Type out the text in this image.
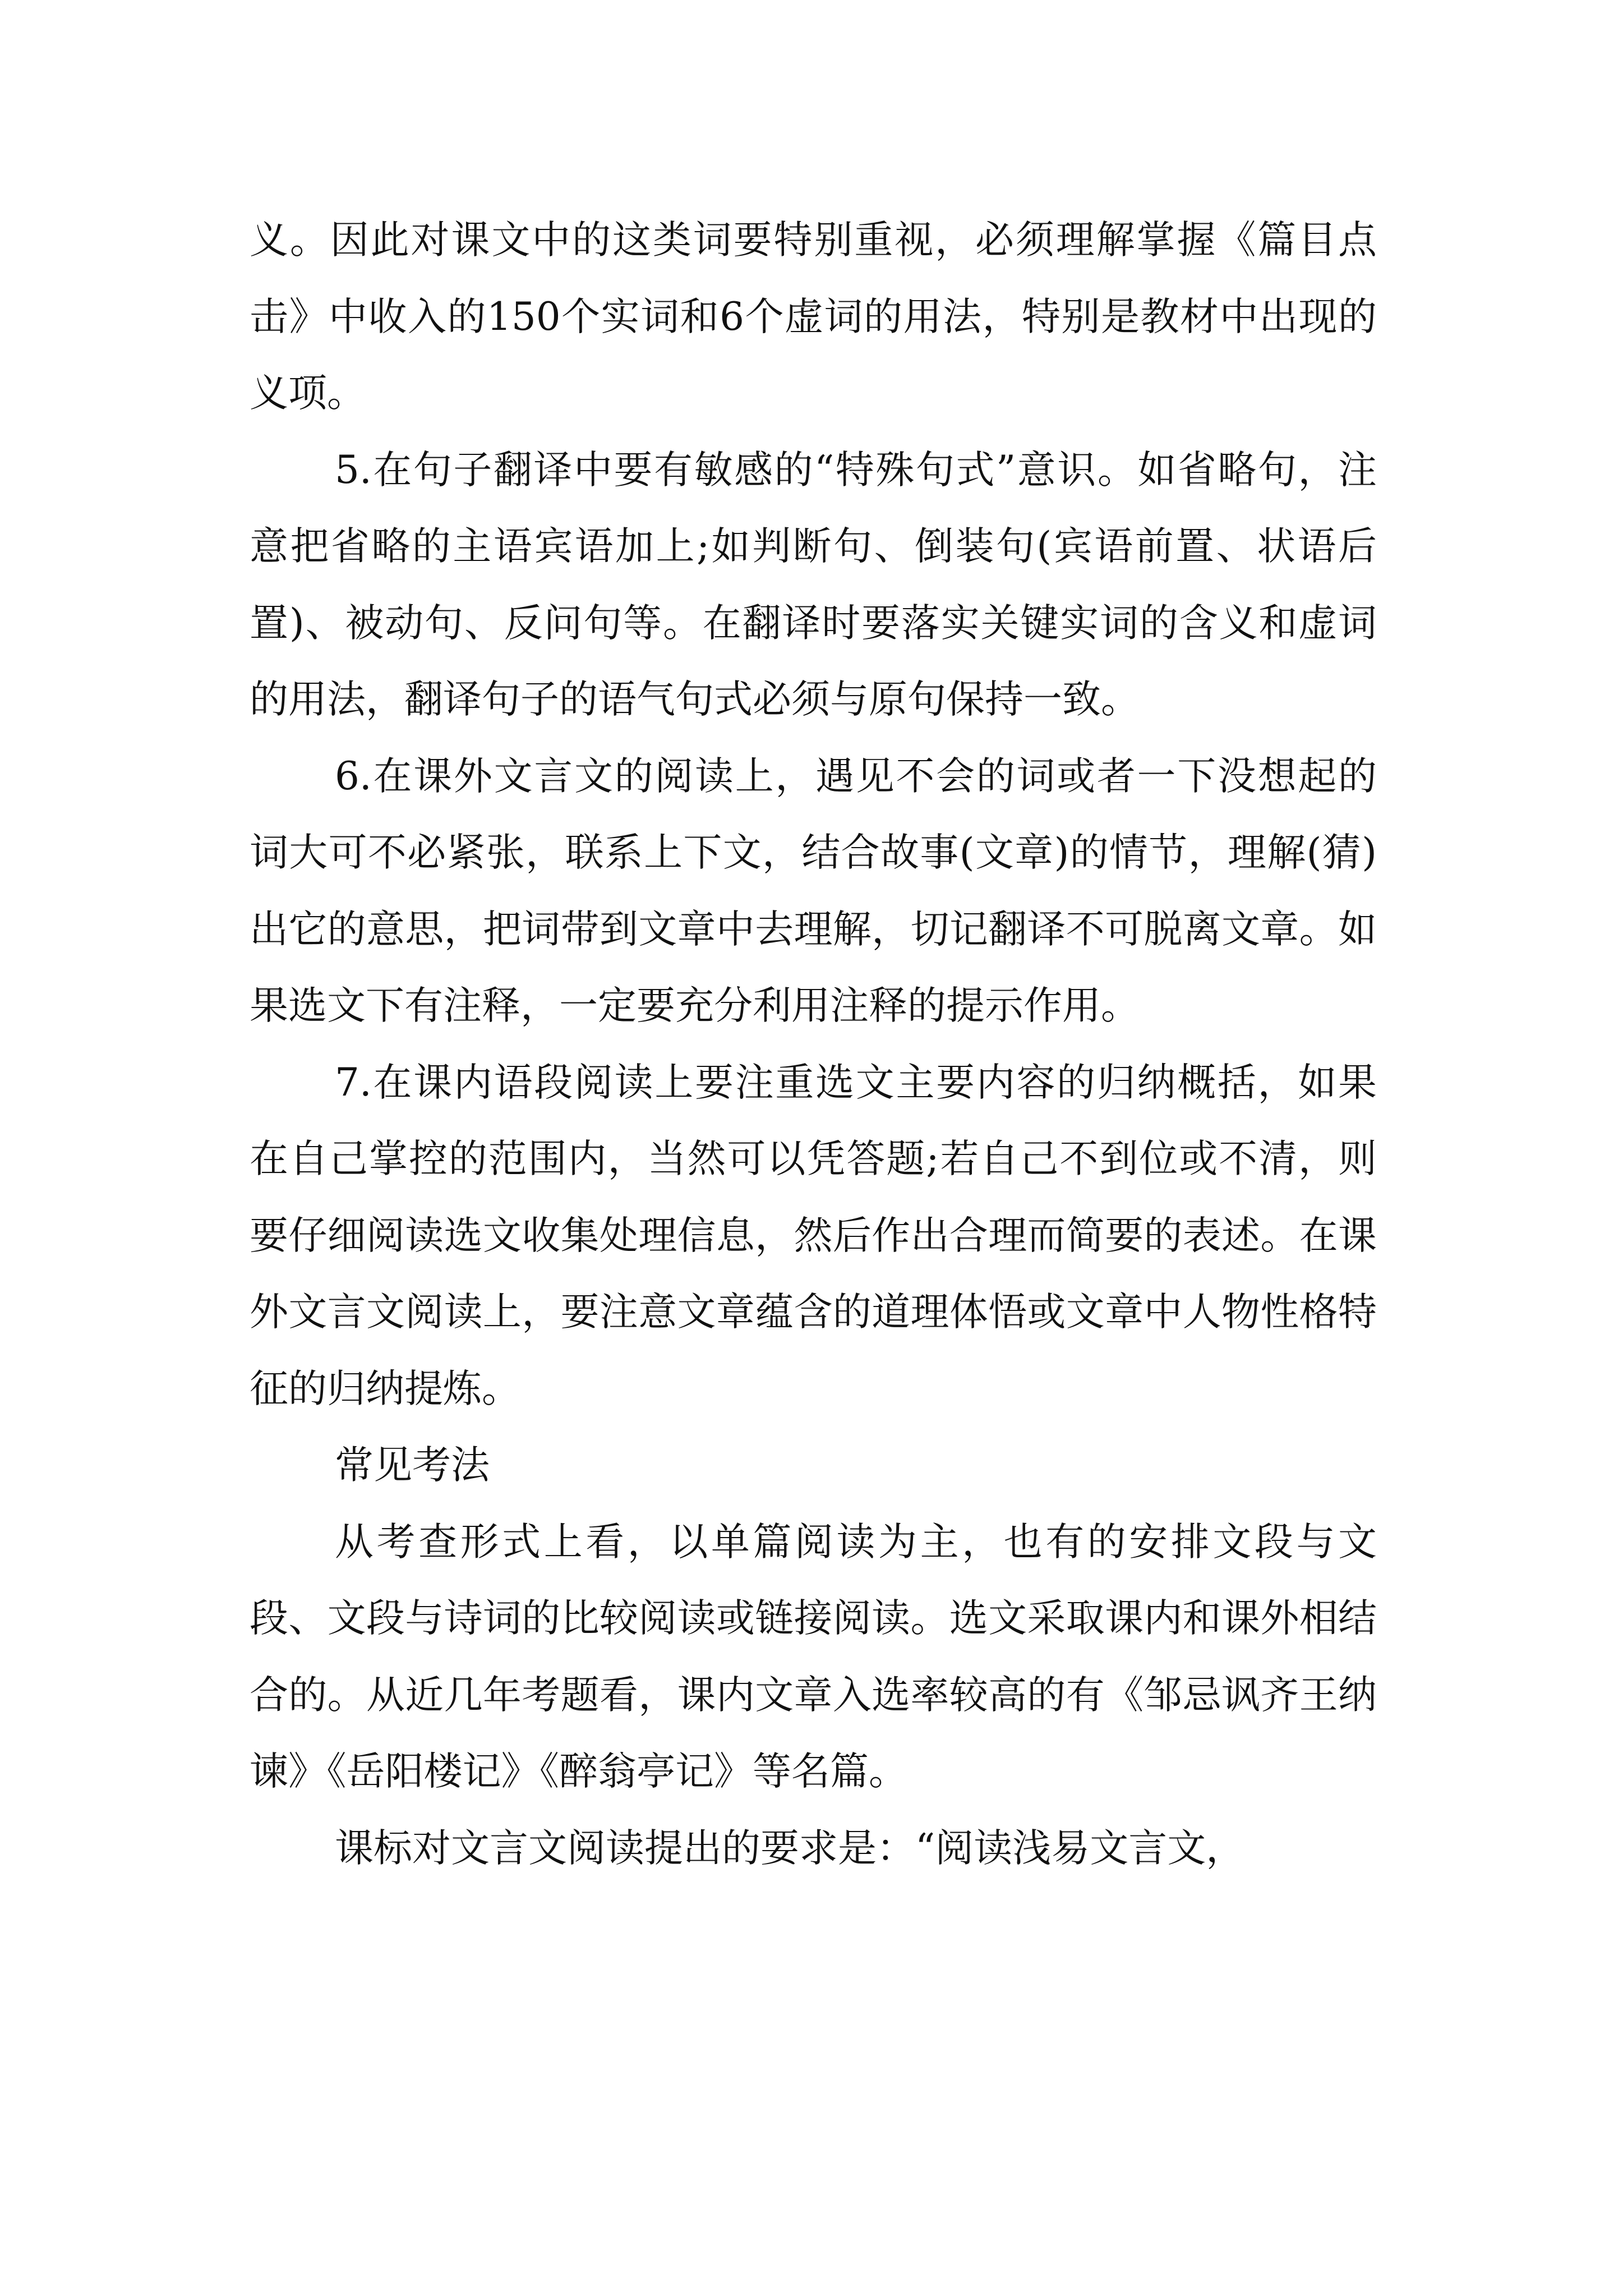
义。因此对课文中的这类词要特别重视，必须理解掌握《篇目点击》中收入的150个实词和6个虚词的用法，特别是教材中出现的义项。

5.在句子翻译中要有敏感的“特殊句式”意识。如省略句，注意把省略的主语宾语加上;如判断句、倒装句(宾语前置、状语后置)、被动句、反问句等。在翻译时要落实关键实词的含义和虚词的用法，翻译句子的语气句式必须与原句保持一致。

6.在课外文言文的阅读上，遇见不会的词或者一下没想起的词大可不必紧张，联系上下文，结合故事(文章)的情节，理解(猜)出它的意思，把词带到文章中去理解，切记翻译不可脱离文章。如果选文下有注释，一定要充分利用注释的提示作用。

7.在课内语段阅读上要注重选文主要内容的归纳概括，如果在自己掌控的范围内，当然可以凭答题;若自己不到位或不清，则要仔细阅读选文收集处理信息，然后作出合理而简要的表述。在课外文言文阅读上，要注意文章蕴含的道理体悟或文章中人物性格特征的归纳提炼。

常见考法

从考查形式上看，以单篇阅读为主，也有的安排文段与文段、文段与诗词的比较阅读或链接阅读。选文采取课内和课外相结合的。从近几年考题看，课内文章入选率较高的有《邹忌讽齐王纳谏》《岳阳楼记》《醉翁亭记》等名篇。

课标对文言文阅读提出的要求是：“阅读浅易文言文，
